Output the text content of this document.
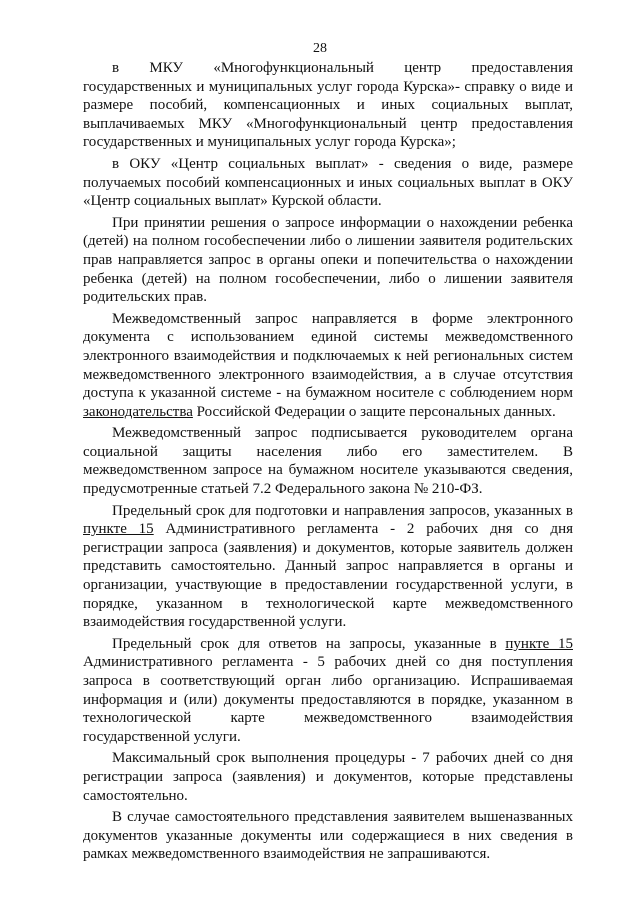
28

в МКУ «Многофункциональный центр предоставления государственных и муниципальных услуг города Курска»- справку о виде и размере пособий, компенсационных и иных социальных выплат, выплачиваемых МКУ «Многофункциональный центр предоставления государственных и муниципальных услуг города Курска»;

в ОКУ «Центр социальных выплат» - сведения о виде, размере получаемых пособий компенсационных и иных социальных выплат в ОКУ «Центр социальных выплат» Курской области.

При принятии решения о запросе информации о нахождении ребенка (детей) на полном гособеспечении либо о лишении заявителя родительских прав направляется запрос в органы опеки и попечительства о нахождении ребенка (детей) на полном гособеспечении, либо о лишении заявителя родительских прав.

Межведомственный запрос направляется в форме электронного документа с использованием единой системы межведомственного электронного взаимодействия и подключаемых к ней региональных систем межведомственного электронного взаимодействия, а в случае отсутствия доступа к указанной системе - на бумажном носителе с соблюдением норм законодательства Российской Федерации о защите персональных данных.

Межведомственный запрос подписывается руководителем органа социальной защиты населения либо его заместителем. В межведомственном запросе на бумажном носителе указываются сведения, предусмотренные статьей 7.2 Федерального закона № 210-ФЗ.

Предельный срок для подготовки и направления запросов, указанных в пункте 15 Административного регламента - 2 рабочих дня со дня регистрации запроса (заявления) и документов, которые заявитель должен представить самостоятельно. Данный запрос направляется в органы и организации, участвующие в предоставлении государственной услуги, в порядке, указанном в технологической карте межведомственного взаимодействия государственной услуги.

Предельный срок для ответов на запросы, указанные в пункте 15 Административного регламента - 5 рабочих дней со дня поступления запроса в соответствующий орган либо организацию. Испрашиваемая информация и (или) документы предоставляются в порядке, указанном в технологической карте межведомственного взаимодействия государственной услуги.

Максимальный срок выполнения процедуры - 7 рабочих дней со дня регистрации запроса (заявления) и документов, которые представлены самостоятельно.

В случае самостоятельного представления заявителем вышеназванных документов указанные документы или содержащиеся в них сведения в рамках межведомственного взаимодействия не запрашиваются.
